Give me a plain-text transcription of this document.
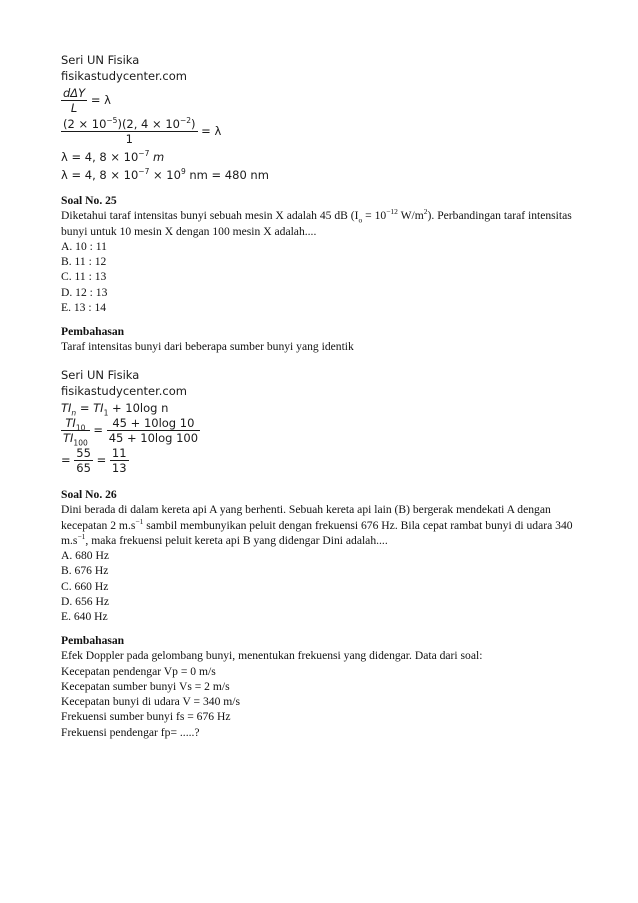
Seri UN Fisika
fisikastudycenter.com
$\frac{\text{dΔY}}{L} = \lambda$
$\frac{(2 \times 10^{-5})(2, 4 \times 10^{-2})}{1} = \lambda$
λ = 4, $8 \times 10^{-7}$ m
λ = 4, $8 \times 10^{-7} \times 10^9$ nm = 480 nm
Soal No. 25

Diketahui taraf intensitas bunyi sebuah mesin X adalah 45 dB ($I_o = 10^{-12}$ $W/m^2$). Perbandingan taraf intensitas bunyi untuk 10 mesin X dengan 100 mesin X adalah....

A. 10 : 11
B. 11 : 12
C. 11 : 13
D. 12 : 13
E. 13 : 14
Pembahasan
Taraf intensitas bunyi dari beberapa sumber bunyi yang identik
Seri UN Fisika
fisikastudycenter.com
$TI_n = TI_1 + 10\log$ n
$\frac{TI_{10}}{TI_{100}} = \frac{45 + 10\log 10}{45 + 10\log 100}$
= $\frac{55}{65} = \frac{11}{13}$
Soal No. 26

Dini berada di dalam kereta api A yang berhenti. Sebuah kereta api lain (B) bergerak mendekati A dengan kecepatan 2 $m.s^{-1}$ sambil membunyikan peluit dengan frekuensi 676 Hz. Bila cepat rambat bunyi di udara 340 $m.s^{-1}$, maka frekuensi peluit kereta api B yang didengar Dini adalah....

A. 680 Hz
B. 676 Hz
C. 660 Hz
D. 656 Hz
E. 640 Hz
Pembahasan
Efek Doppler pada gelombang bunyi, menentukan frekuensi yang didengar. Data dari soal:
Kecepatan pendengar Vp = 0 m/s
Kecepatan sumber bunyi Vs = 2 m/s
Kecepatan bunyi di udara V = 340 m/s
Frekuensi sumber bunyi fs = 676 Hz
Frekuensi pendengar fp= .....?
